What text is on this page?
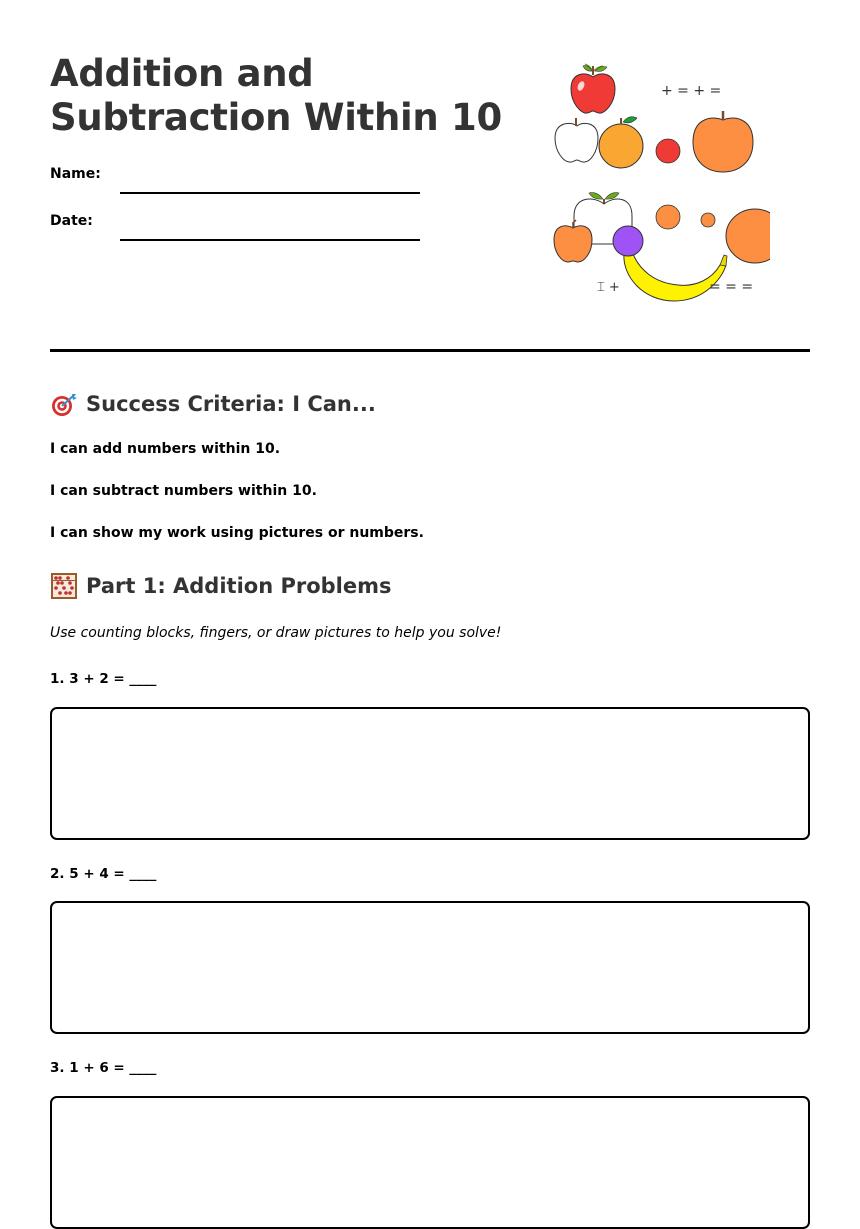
Addition and
Subtraction Within 10
Name:
Date:
+ = + =
⌶ +	= = =
Success Criteria: I Can...

I can add numbers within 10.

I can subtract numbers within 10.

I can show my work using pictures or numbers.

Part 1: Addition Problems

Use counting blocks, fingers, or draw pictures to help you solve!

1. 3 + 2 = ____

2. 5 + 4 = ____

3. 1 + 6 = ____
